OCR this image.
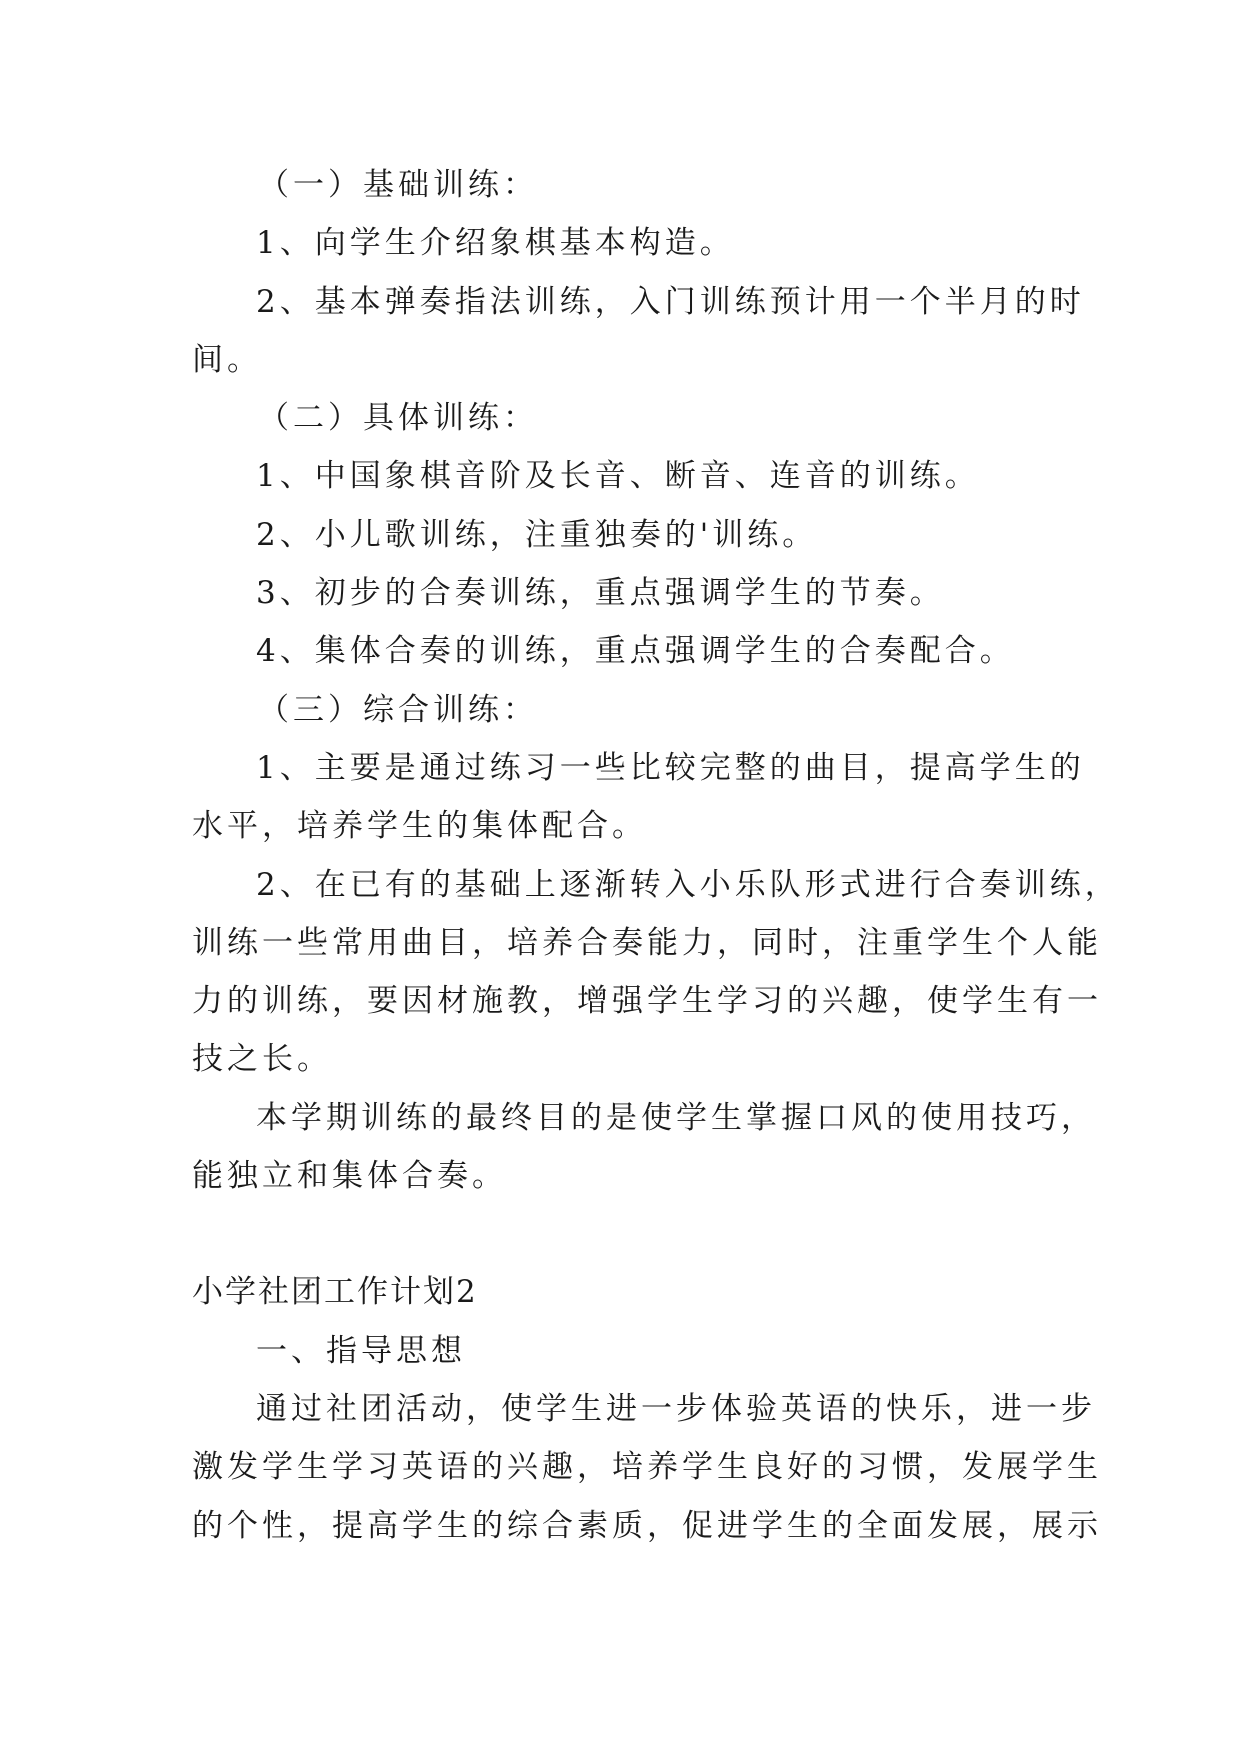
（一）基础训练：
1、向学生介绍象棋基本构造。
2、基本弹奏指法训练，入门训练预计用一个半月的时
间。
（二）具体训练：
1、中国象棋音阶及长音、断音、连音的训练。
2、小儿歌训练，注重独奏的'训练。
3、初步的合奏训练，重点强调学生的节奏。
4、集体合奏的训练，重点强调学生的合奏配合。
（三）综合训练：
1、主要是通过练习一些比较完整的曲目，提高学生的
水平，培养学生的集体配合。
2、在已有的基础上逐渐转入小乐队形式进行合奏训练，
训练一些常用曲目，培养合奏能力，同时，注重学生个人能
力的训练，要因材施教，增强学生学习的兴趣，使学生有一
技之长。
本学期训练的最终目的是使学生掌握口风的使用技巧，
能独立和集体合奏。
小学社团工作计划2
一、指导思想
通过社团活动，使学生进一步体验英语的快乐，进一步
激发学生学习英语的兴趣，培养学生良好的习惯，发展学生
的个性，提高学生的综合素质，促进学生的全面发展，展示
